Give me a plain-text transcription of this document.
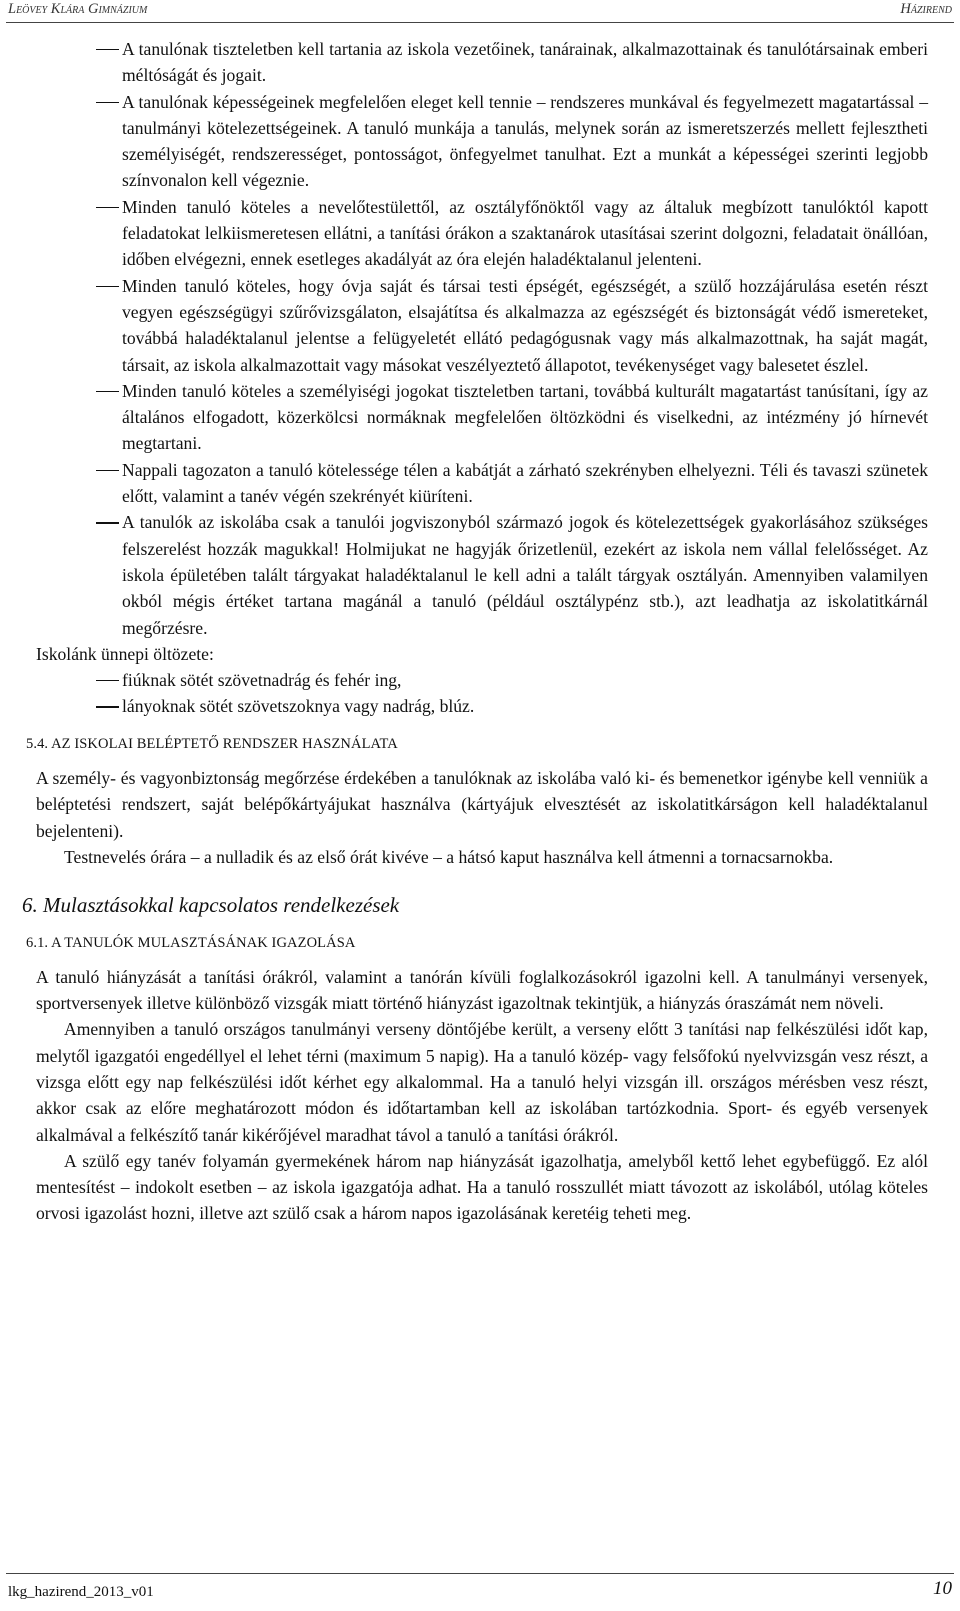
Leövey Klára Gimnázium	Házirend
A tanulónak tiszteletben kell tartania az iskola vezetőinek, tanárainak, alkalmazottainak és tanulótársainak emberi méltóságát és jogait.
A tanulónak képességeinek megfelelően eleget kell tennie – rendszeres munkával és fegyelmezett magatartással – tanulmányi kötelezettségeinek. A tanuló munkája a tanulás, melynek során az ismeretszerzés mellett fejlesztheti személyiségét, rendszerességet, pontosságot, önfegyelmet tanulhat. Ezt a munkát a képességei szerinti legjobb színvonalon kell végeznie.
Minden tanuló köteles a nevelőtestülettől, az osztályfőnöktől vagy az általuk megbízott tanulóktól kapott feladatokat lelkiismeretesen ellátni, a tanítási órákon a szaktanárok utasításai szerint dolgozni, feladatait önállóan, időben elvégezni, ennek esetleges akadályát az óra elején haladéktalanul jelenteni.
Minden tanuló köteles, hogy óvja saját és társai testi épségét, egészségét, a szülő hozzájárulása esetén részt vegyen egészségügyi szűrővizsgálaton, elsajátítsa és alkalmazza az egészségét és biztonságát védő ismereteket, továbbá haladéktalanul jelentse a felügyeletét ellátó pedagógusnak vagy más alkalmazottnak, ha saját magát, társait, az iskola alkalmazottait vagy másokat veszélyeztető állapotot, tevékenységet vagy balesetet észlel.
Minden tanuló köteles a személyiségi jogokat tiszteletben tartani, továbbá kulturált magatartást tanúsítani, így az általános elfogadott, közerkölcsi normáknak megfelelően öltözködni és viselkedni, az intézmény jó hírnevét megtartani.
Nappali tagozaton a tanuló kötelessége télen a kabátját a zárható szekrényben elhelyezni. Téli és tavaszi szünetek előtt, valamint a tanév végén szekrényét kiüríteni.
A tanulók az iskolába csak a tanulói jogviszonyból származó jogok és kötelezettségek gyakorlásához szükséges felszerelést hozzák magukkal! Holmijukat ne hagyják őrizetlenül, ezekért az iskola nem vállal felelősséget. Az iskola épületében talált tárgyakat haladéktalanul le kell adni a talált tárgyak osztályán. Amennyiben valamilyen okból mégis értéket tartana magánál a tanuló (például osztálypénz stb.), azt leadhatja az iskolatitkárnál megőrzésre.

Iskolánk ünnepi öltözete:

fiúknak sötét szövetnadrág és fehér ing,
lányoknak sötét szövetszoknya vagy nadrág, blúz.
5.4. AZ ISKOLAI BELÉPTETŐ RENDSZER HASZNÁLATA

A személy- és vagyonbiztonság megőrzése érdekében a tanulóknak az iskolába való ki- és bemenetkor igénybe kell venniük a beléptetési rendszert, saját belépőkártyájukat használva (kártyájuk elvesztését az iskolatitkárságon kell haladéktalanul bejelenteni).

Testnevelés órára – a nulladik és az első órát kivéve – a hátsó kaput használva kell átmenni a tornacsarnokba.

6. Mulasztásokkal kapcsolatos rendelkezések
6.1. A TANULÓK MULASZTÁSÁNAK IGAZOLÁSA

A tanuló hiányzását a tanítási órákról, valamint a tanórán kívüli foglalkozásokról igazolni kell. A tanulmányi versenyek, sportversenyek illetve különböző vizsgák miatt történő hiányzást igazoltnak tekintjük, a hiányzás óraszámát nem növeli.

Amennyiben a tanuló országos tanulmányi verseny döntőjébe került, a verseny előtt 3 tanítási nap felkészülési időt kap, melytől igazgatói engedéllyel el lehet térni (maximum 5 napig). Ha a tanuló közép- vagy felsőfokú nyelvvizsgán vesz részt, a vizsga előtt egy nap felkészülési időt kérhet egy alkalommal. Ha a tanuló helyi vizsgán ill. országos mérésben vesz részt, akkor csak az előre meghatározott módon és időtartamban kell az iskolában tartózkodnia. Sport- és egyéb versenyek alkalmával a felkészítő tanár kikérőjével maradhat távol a tanuló a tanítási órákról.

A szülő egy tanév folyamán gyermekének három nap hiányzását igazolhatja, amelyből kettő lehet egybefüggő. Ez alól mentesítést – indokolt esetben – az iskola igazgatója adhat. Ha a tanuló rosszullét miatt távozott az iskolából, utólag köteles orvosi igazolást hozni, illetve azt szülő csak a három napos igazolásának keretéig teheti meg.

lkg_hazirend_2013_v01	10
